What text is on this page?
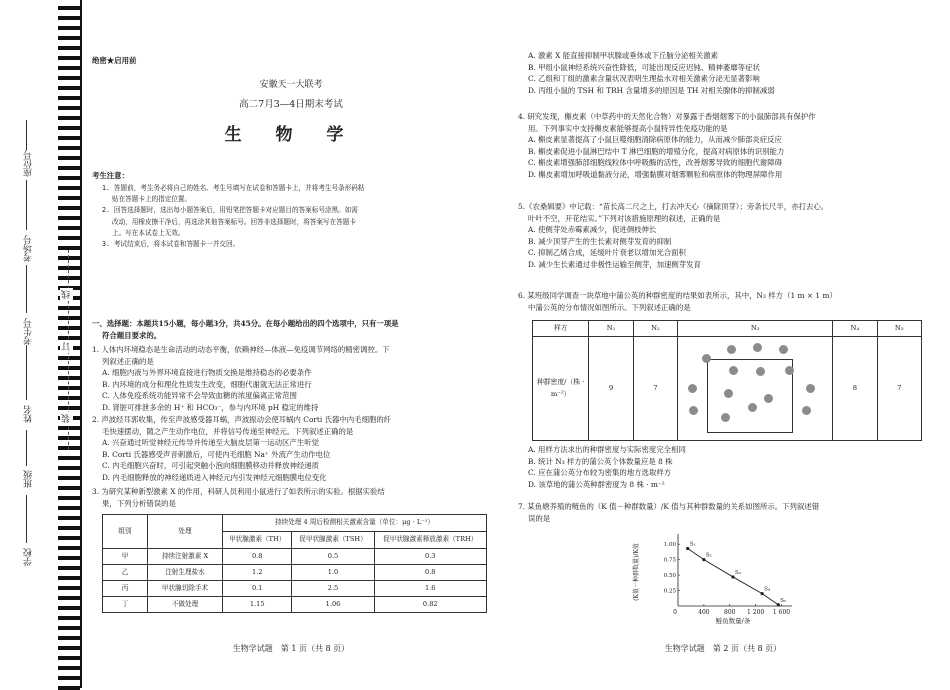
座位号
考场号
考生号
姓名
班级
学校
线
订
装
绝密★启用前
安徽天一大联考
高二7月3—4日期末考试
生 物 学
考生注意：
1. 答题前，考生务必将自己的姓名、考生号填写在试卷和答题卡上，并将考生号条形码粘
贴在答题卡上的指定位置。
2. 回答选择题时，选出每小题答案后，用铅笔把答题卡对应题目的答案标号涂黑。如需
改动，用橡皮擦干净后，再选涂其他答案标号。回答非选择题时，将答案写在答题卡
上。写在本试卷上无效。
3. 考试结束后，将本试卷和答题卡一并交回。
一、选择题：本题共15小题，每小题3分，共45分。在每小题给出的四个选项中，只有一项是
符合题目要求的。
1. 人体内环境稳态是生命活动的动态平衡，依赖神经—体液—免疫调节网络的精密调控。下
列叙述正确的是
A. 细胞内液与外界环境直接进行物质交换是维持稳态的必要条件
B. 内环境的成分和理化性质发生改变，细胞代谢就无法正常进行
C. 人体免疫系统功能异常不会导致血糖的浓度偏离正常范围
D. 肾脏可排泄多余的 H⁺ 和 HCO₃⁻，参与内环境 pH 稳定的维持
2. 声波经耳郭收集，传至声波感受器耳蜗，声波振动会使耳蜗内 Corti 氏器中内毛细胞的纤
毛快速摆动，随之产生动作电位，并将信号传递至神经元。下列叙述正确的是
A. 兴奋通过听觉神经元传导并传递至大脑皮层第一运动区产生听觉
B. Corti 氏器感受声音刺激后，可使内毛细胞 Na⁺ 外流产生动作电位
C. 内毛细胞兴奋时，可引起突触小泡向细胞膜移动并释放神经递质
D. 内毛细胞释放的神经递质进入神经元内引发神经元细胞膜电位变化
3. 为研究某种新型激素 X 的作用，科研人员利用小鼠进行了如表所示的实验。根据实验结
果，下列分析错误的是
组别	处理	持续处理 4 周后检测相关激素含量（单位：μg · L⁻¹）		
		甲状腺激素（TH）	促甲状腺激素（TSH）	促甲状腺激素释放激素（TRH）
甲	持续注射激素 X	0.8	0.5	0.3
乙	注射生理盐水	1.2	1.0	0.8
丙	甲状腺切除手术	0.1	2.5	1.6
丁	不做处理	1.15	1.06	0.82
生物学试题　第 1 页（共 8 页）
A. 激素 X 能直接抑制甲状腺或垂体或下丘脑分泌相关激素
B. 甲组小鼠神经系统兴奋性降低，可能出现反应迟钝、精神萎靡等症状
C. 乙组和丁组的激素含量状况表明生理盐水对相关激素分泌无显著影响
D. 丙组小鼠的 TSH 和 TRH 含量增多的原因是 TH 对相关腺体的抑制减弱
4. 研究发现，槲皮素（中草药中的天然化合物）对暴露于香烟烟雾下的小鼠肺部具有保护作
用。下列事实中支持槲皮素能够提高小鼠特异性免疫功能的是
A. 槲皮素显著提高了小鼠巨噬细胞清除病原体的能力，从而减少肺部炎症反应
B. 槲皮素促进小鼠淋巴结中 T 淋巴细胞的增殖分化，提高对病原体的识别能力
C. 槲皮素增强肺部细胞线粒体中呼吸酶的活性，改善烟雾导致的细胞代谢障碍
D. 槲皮素增加呼吸道黏液分泌，增强黏膜对烟雾颗粒和病原体的物理屏障作用
5.《农桑辑要》中记载：“苗长高二尺之上，打去冲天心（摘除顶芽）；旁条长尺半，亦打去心。
叶叶不空，开花结实。”下列对该措施原理的叙述，正确的是
A. 使侧芽处赤霉素减少，促进侧枝伸长
B. 减少顶芽产生的生长素对侧芽发育的抑制
C. 抑制乙烯合成，延缓叶片衰老以增加光合面积
D. 减少生长素通过非极性运输至侧芽，加速侧芽发育
6. 某班级同学调查一块草地中蒲公英的种群密度的结果如表所示，其中，N₃ 样方（1 m × 1 m）
中蒲公英的分布情况如图所示。下列叙述正确的是
样方	N₁	N₂	N₃	N₄	N₅
种群密度/（株 · m⁻²）	9	7		8	7
A. 用样方法求出的种群密度与实际密度完全相同
B. 统计 N₃ 样方的蒲公英个体数量应是 8 株
C. 应在蒲公英分布较为密集的地方选取样方
D. 该草地的蒲公英种群密度为 8 株 · m⁻²
7. 某鱼塘养殖的鲢鱼的（K 值－种群数量）/K 值与其种群数量的关系如图所示。下列叙述错
误的是
400 800 1 200 1 600
1.00
0.75
0.50
0.25
0
鲢鱼数量/条
(K值－种群数量)/K值	S₁
S₂
S₃
S₄
S₅
生物学试题　第 2 页（共 8 页）
